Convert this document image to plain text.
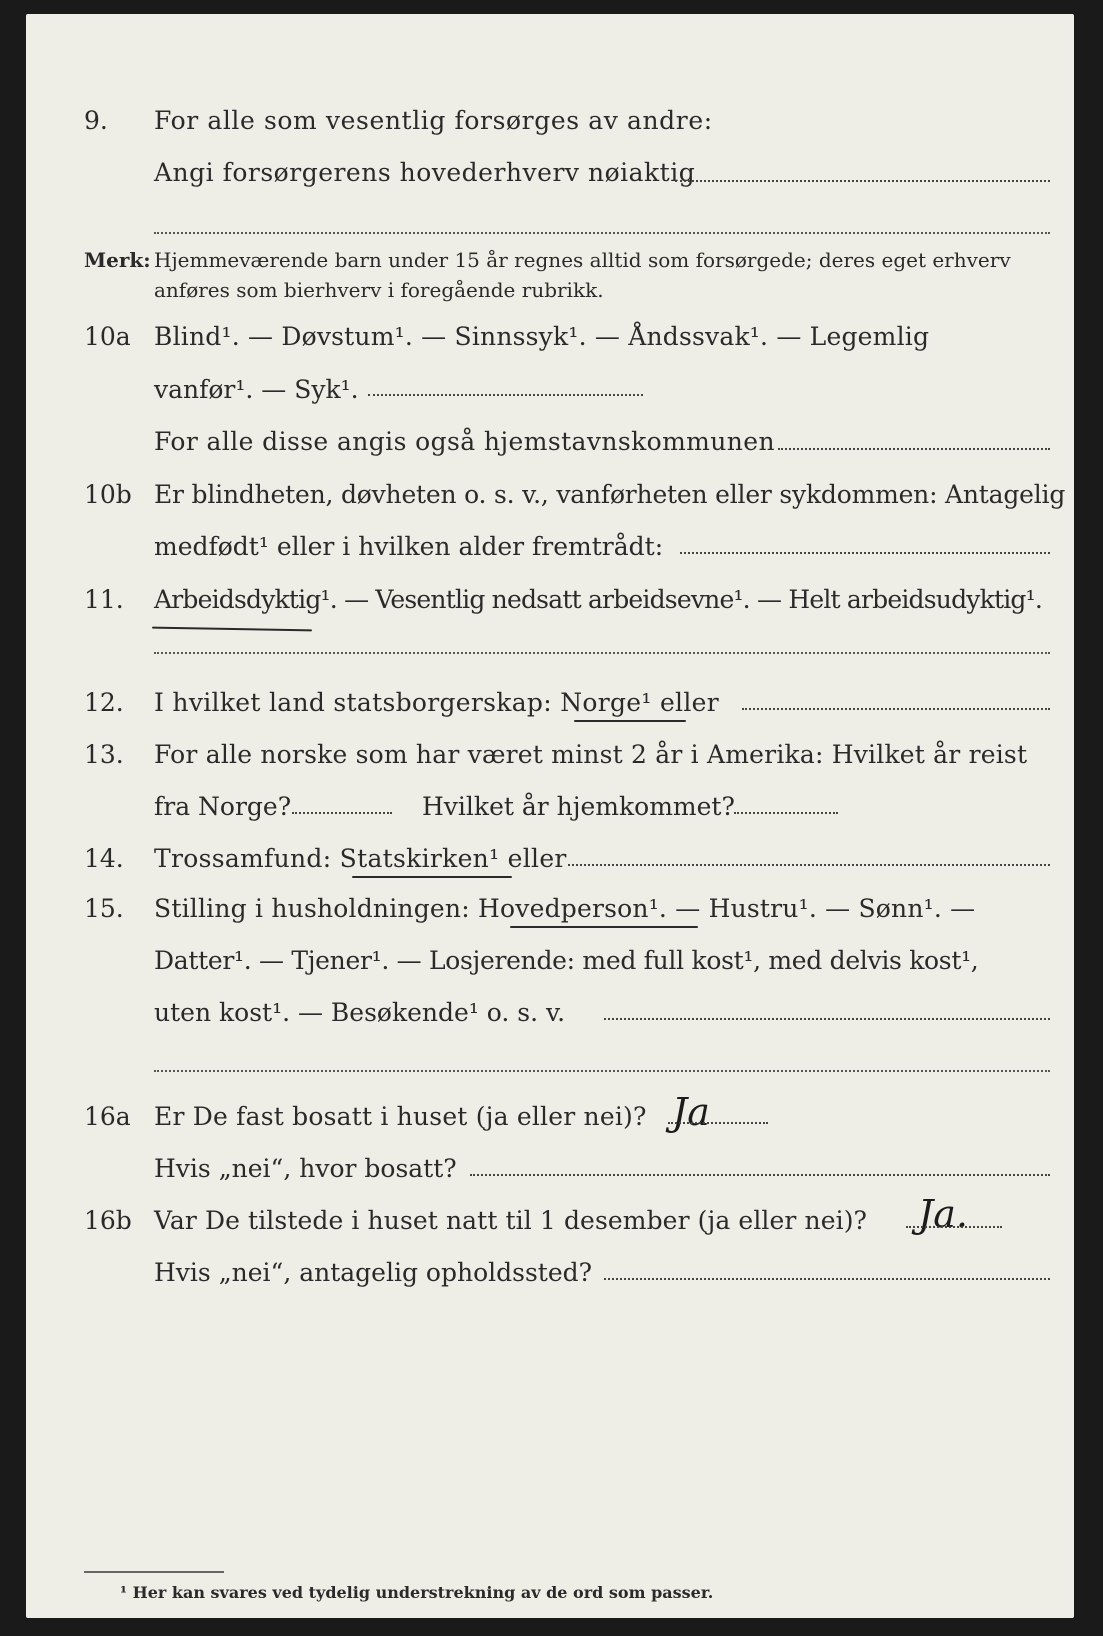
9. For alle som vesentlig forsørges av andre:
Angi forsørgerens hovederhverv nøiaktig
Merk: Hjemmeværende barn under 15 år regnes alltid som forsørgede; deres eget erhverv
anføres som bierhverv i foregående rubrikk.
10a Blind¹. — Døvstum¹. — Sinnssyk¹. — Åndssvak¹. — Legemlig
vanfør¹. — Syk¹.
For alle disse angis også hjemstavnskommunen
10b Er blindheten, døvheten o. s. v., vanførheten eller sykdommen: Antagelig
medfødt¹ eller i hvilken alder fremtrådt:
11. Arbeidsdyktig¹. — Vesentlig nedsatt arbeidsevne¹. — Helt arbeidsudyktig¹.
12. I hvilket land statsborgerskap: Norge¹ eller
13. For alle norske som har været minst 2 år i Amerika: Hvilket år reist
fra Norge?	Hvilket år hjemkommet?
14. Trossamfund: Statskirken¹ eller
15. Stilling i husholdningen: Hovedperson¹. — Hustru¹. — Sønn¹. —
Datter¹. — Tjener¹. — Losjerende: med full kost¹, med delvis kost¹,
uten kost¹. — Besøkende¹ o. s. v.
16a Er De fast bosatt i huset (ja eller nei)? Ja
Hvis „nei“, hvor bosatt?
16b Var De tilstede i huset natt til 1 desember (ja eller nei)? Ja.
Hvis „nei“, antagelig opholdssted?
¹ Her kan svares ved tydelig understrekning av de ord som passer.
